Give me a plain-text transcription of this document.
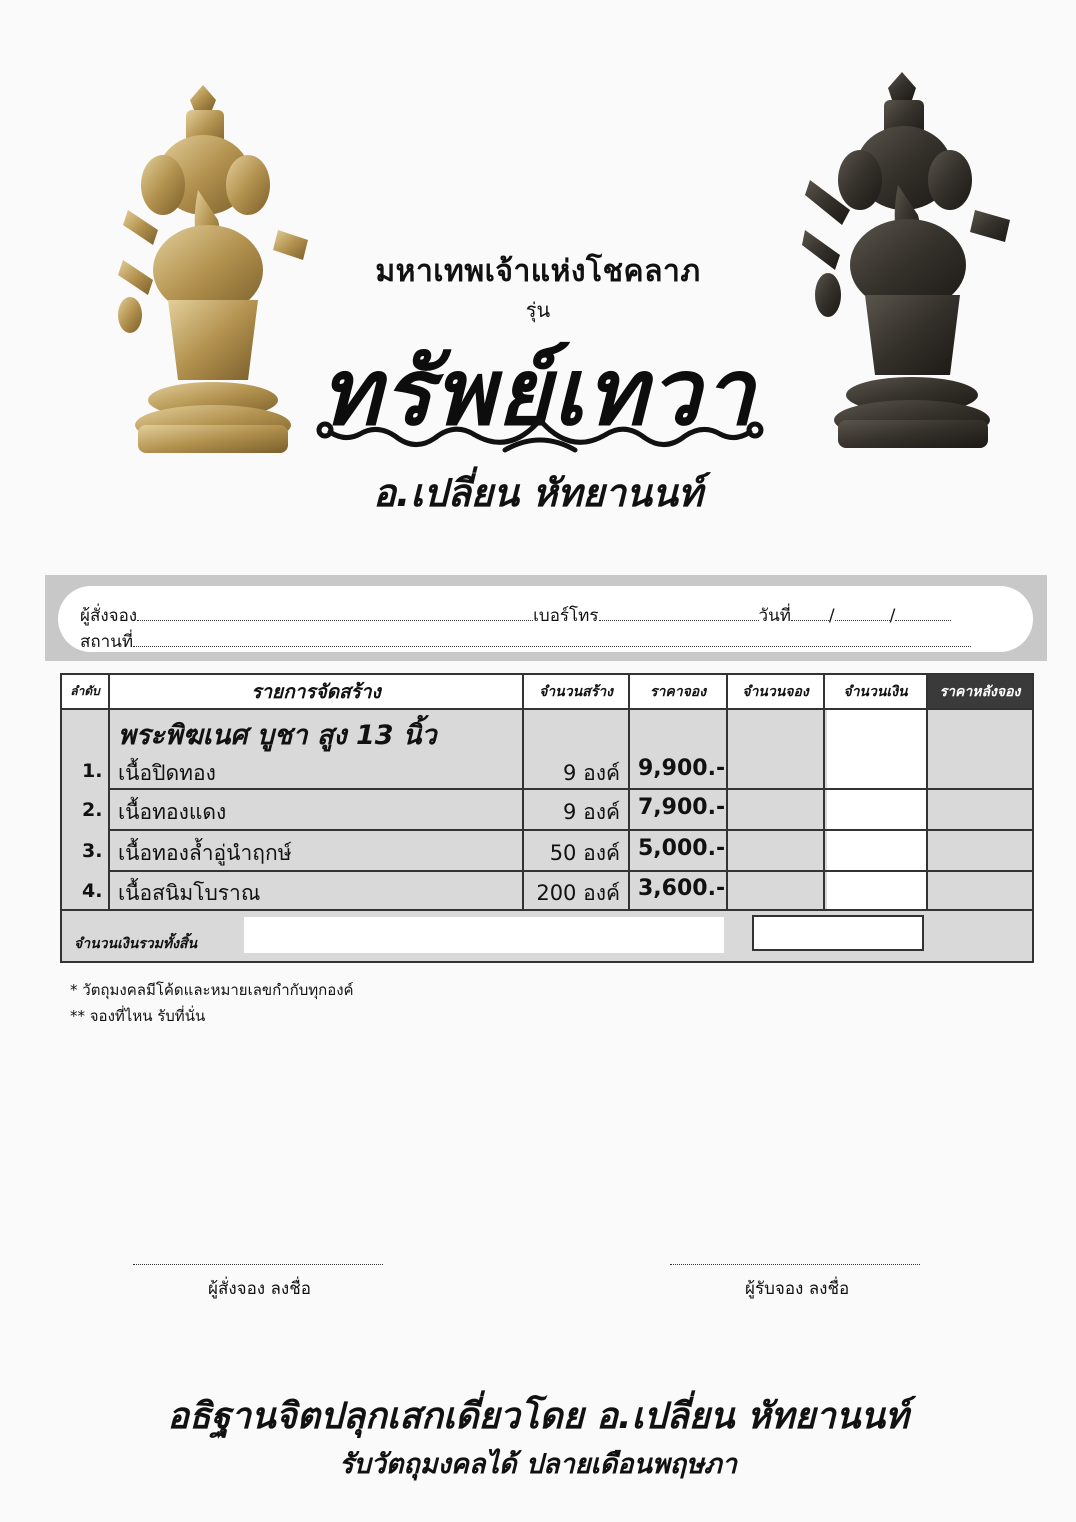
มหาเทพเจ้าแห่งโชคลาภ
รุ่น
ทรัพย์เทวา
อ.เปลี่ยน หัทยานนท์
ผู้สั่งจอง	เบอร์โทร	วันที่ /	/
สถานที่
ลำดับ	รายการจัดสร้าง	จำนวนสร้าง	ราคาจอง	จำนวนจอง	จำนวนเงิน	ราคาหลังจอง
พระพิฆเนศ บูชา สูง 13 นิ้ว
1. เนื้อปิดทอง	9 องค์ 9,900.-
2. เนื้อทองแดง	9 องค์ 7,900.-
3. เนื้อทองล้ำอู่นำฤกษ์	50 องค์ 5,000.-
4. เนื้อสนิมโบราณ	200 องค์ 3,600.-
จำนวนเงินรวมทั้งสิ้น
* วัตถุมงคลมีโค้ดและหมายเลขกำกับทุกองค์
** จองที่ไหน รับที่นั่น
ผู้สั่งจอง ลงชื่อ	ผู้รับจอง ลงชื่อ
อธิฐานจิตปลุกเสกเดี่ยวโดย อ.เปลี่ยน หัทยานนท์
รับวัตถุมงคลได้ ปลายเดือนพฤษภา
